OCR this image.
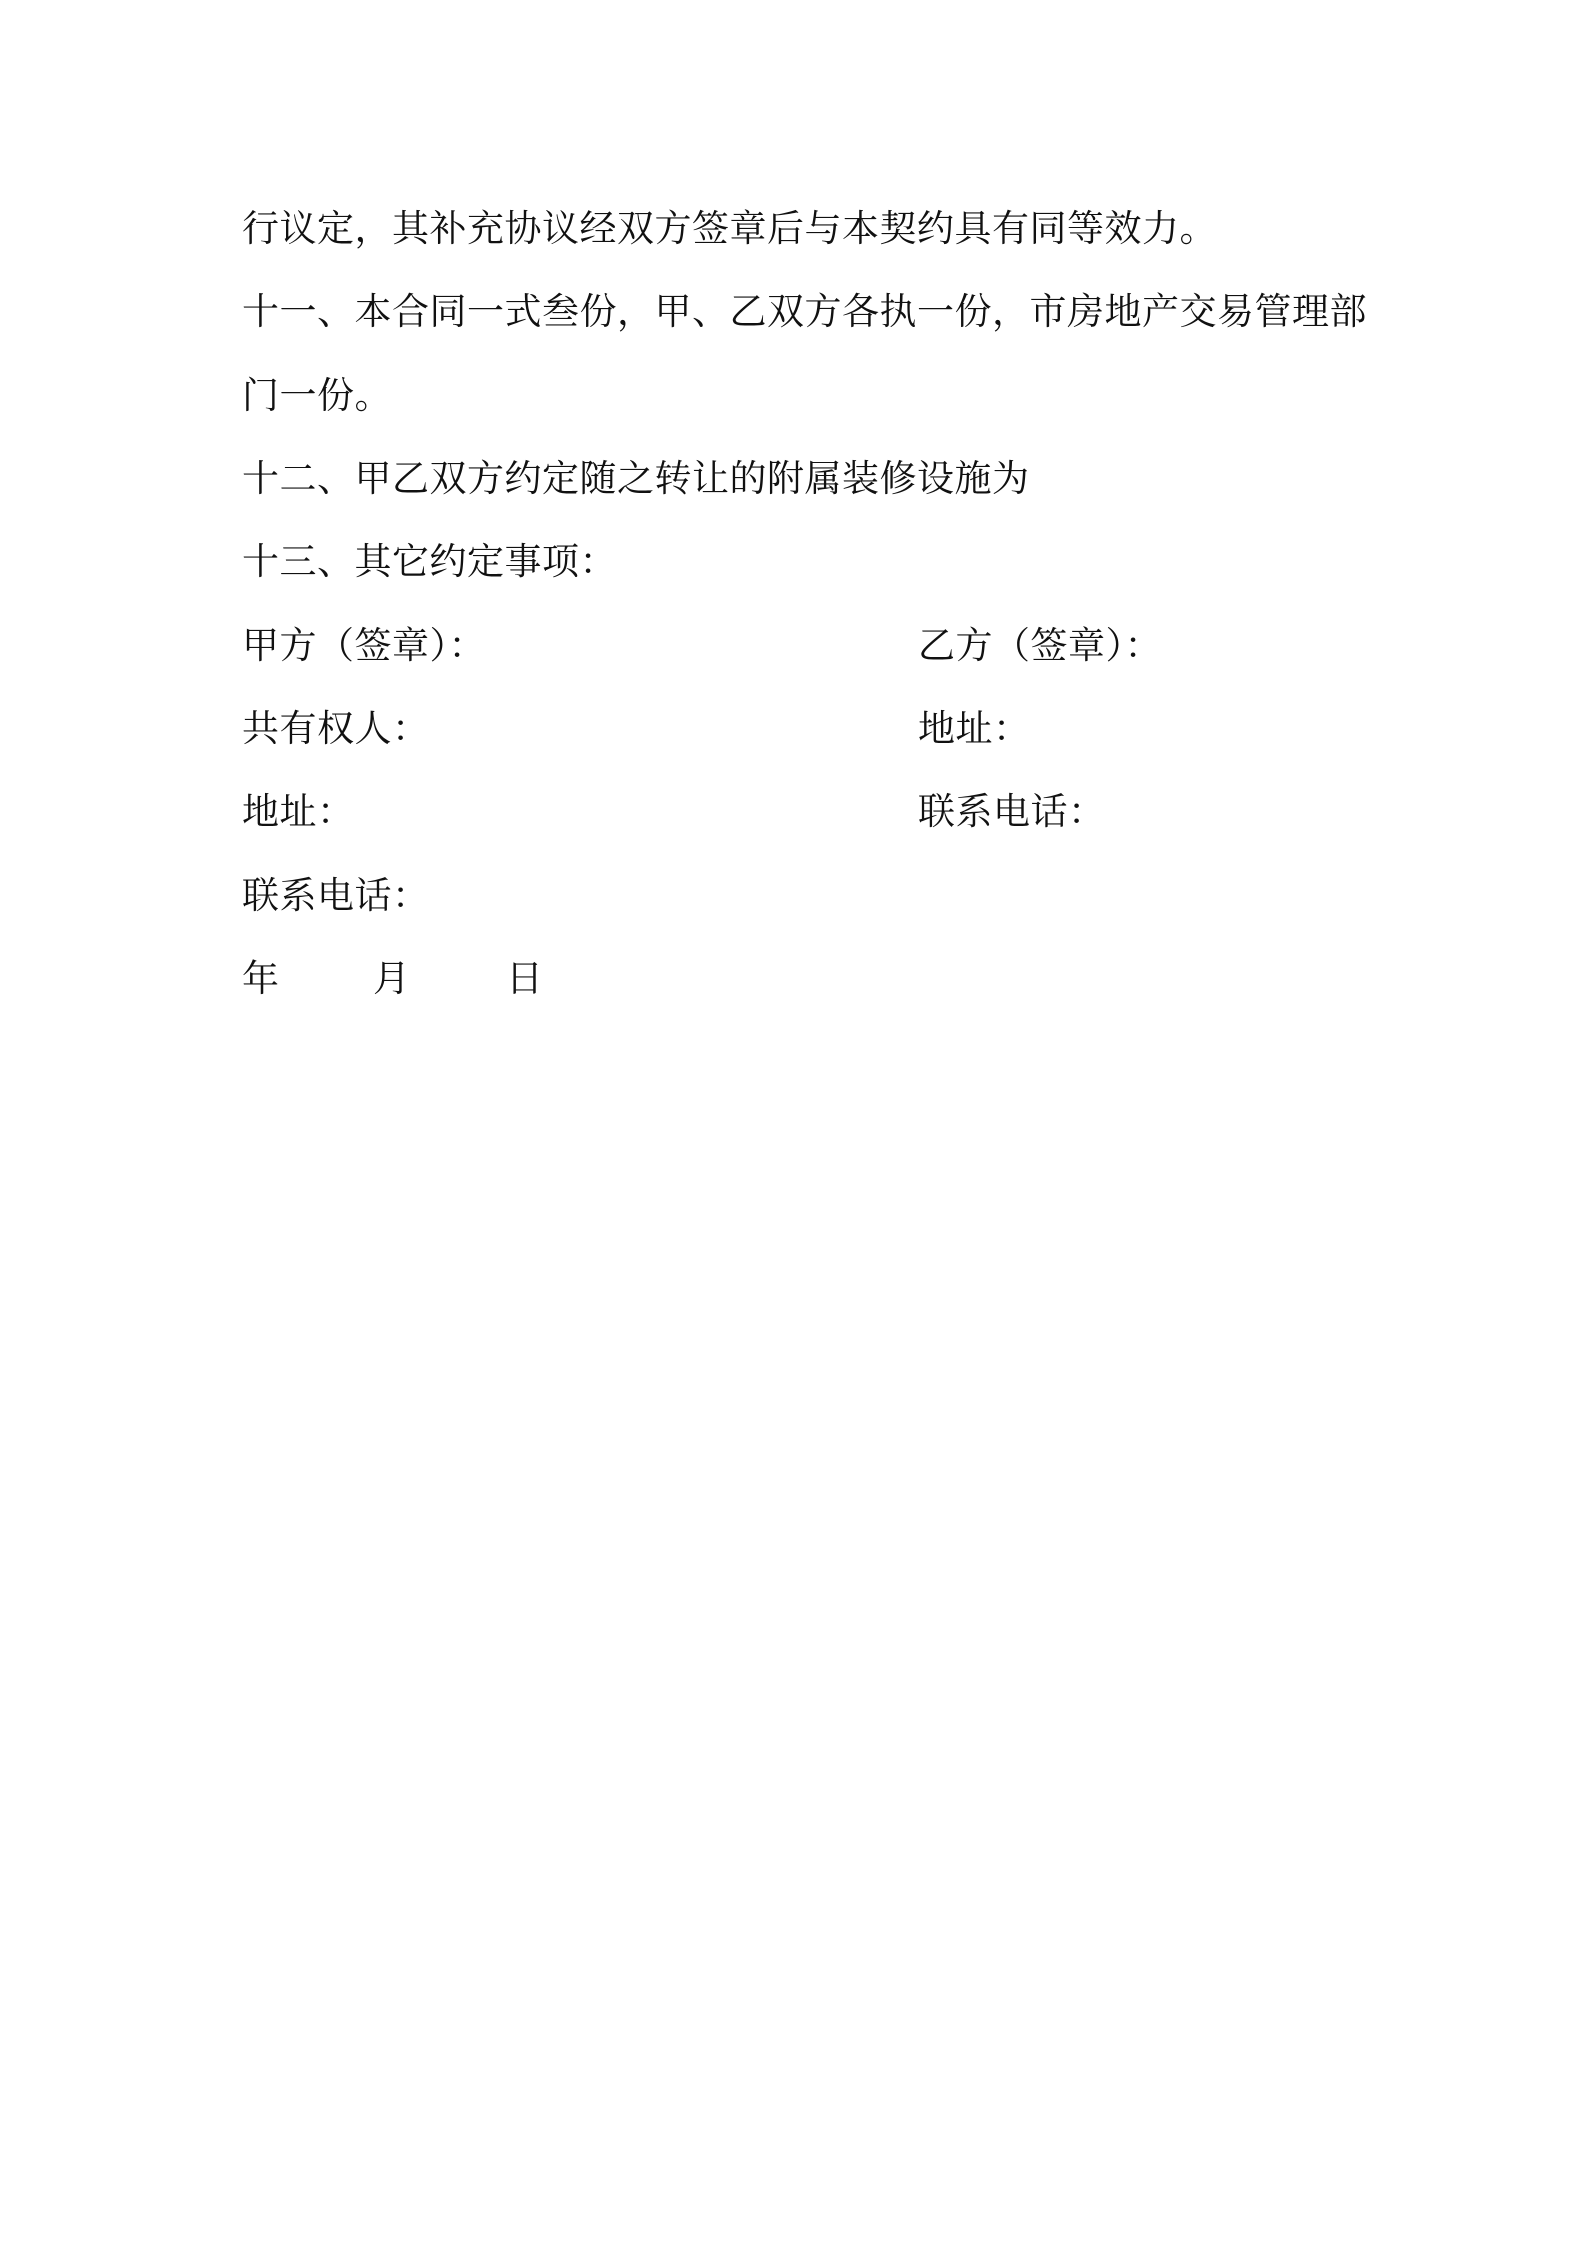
行议定，其补充协议经双方签章后与本契约具有同等效力。
十一、本合同一式叁份，甲、乙双方各执一份，市房地产交易管理部
门一份。
十二、甲乙双方约定随之转让的附属装修设施为
十三、其它约定事项：
甲方（签章）：	乙方（签章）：
共有权人：	地址：
地址：	联系电话：
联系电话：
年	月	日
